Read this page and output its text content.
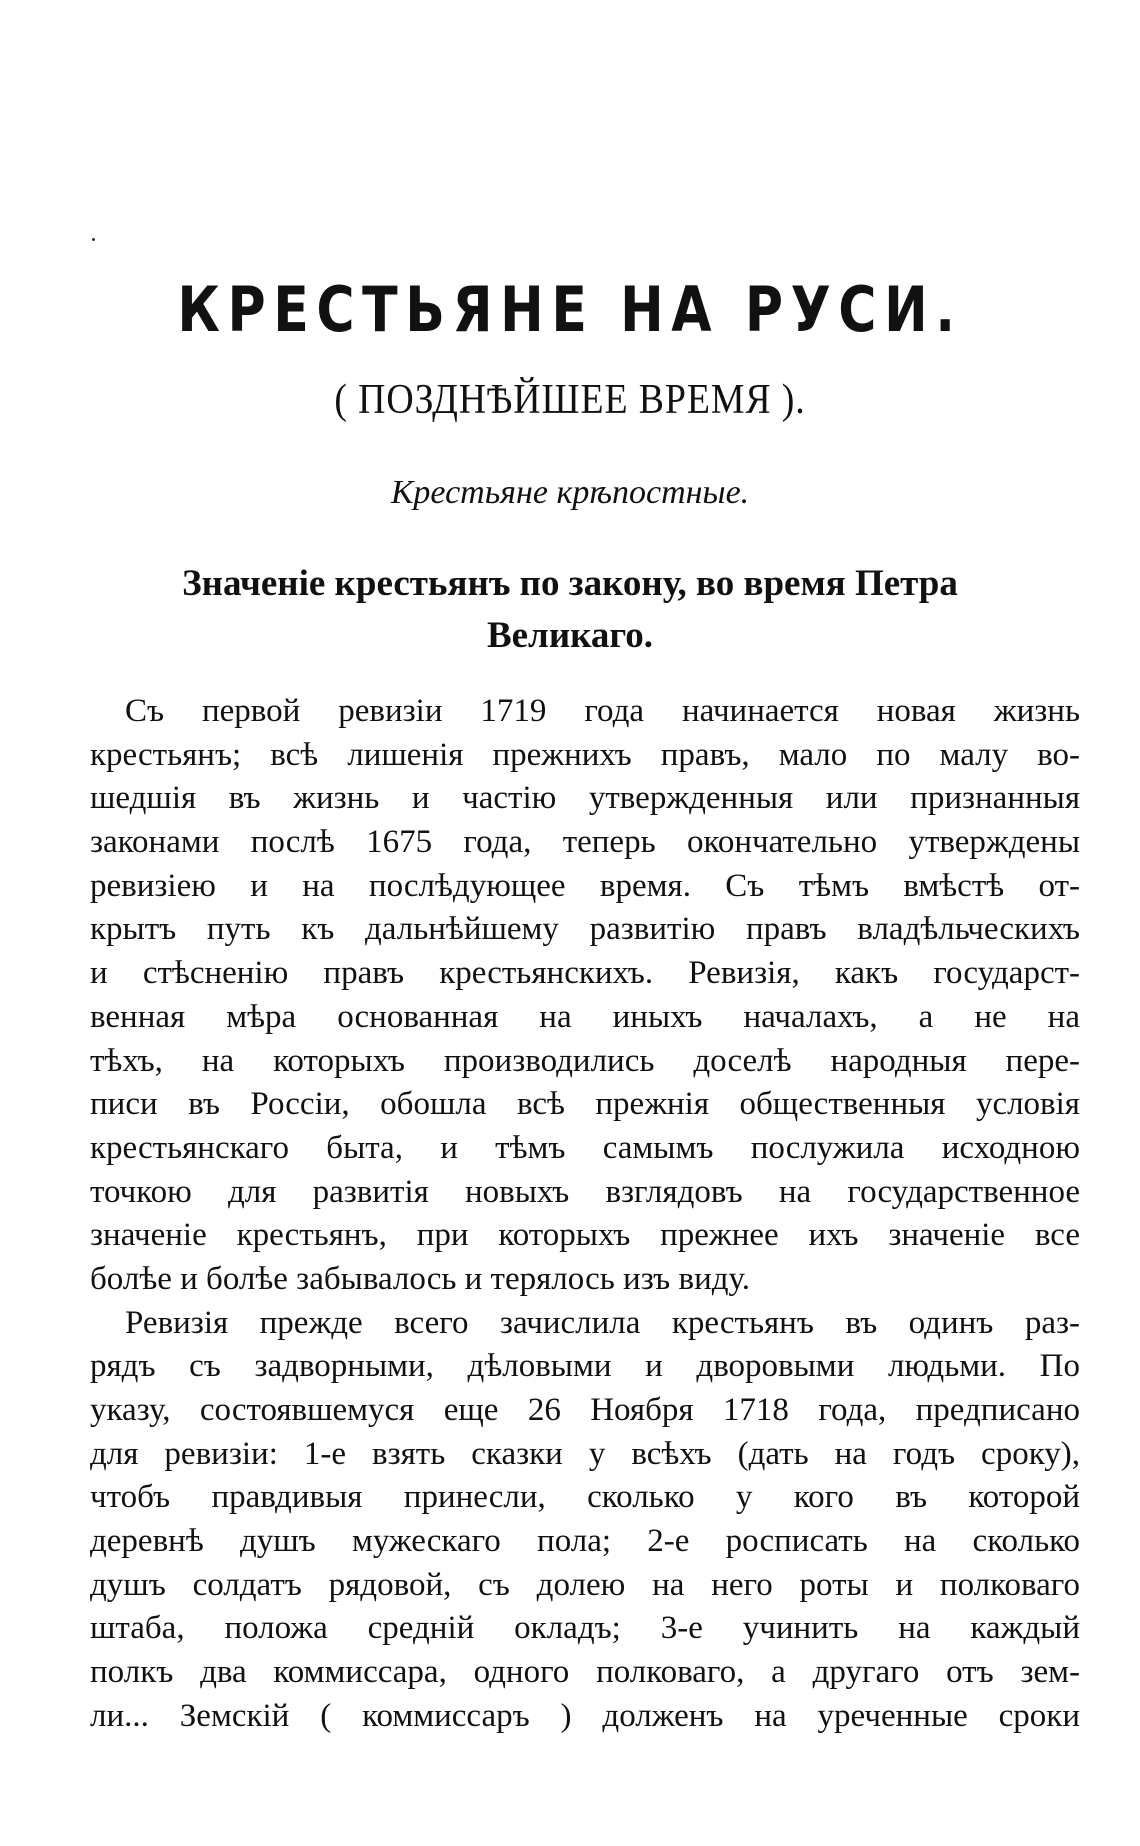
КРЕСТЬЯНЕ НА РУСИ.
( ПОЗДНѢЙШЕЕ ВРЕМЯ ).
Крестьяне крѣпостные.
Значеніе крестьянъ по закону, во время Петра
Великаго.
Съ первой ревизіи 1719 года начинается новая жизнь
крестьянъ; всѣ лишенія прежнихъ правъ, мало по малу во-
шедшія въ жизнь и частію утвержденныя или признанныя
законами послѣ 1675 года, теперь окончательно утверждены
ревизіею и на послѣдующее время. Съ тѣмъ вмѣстѣ от-
крытъ путь къ дальнѣйшему развитію правъ владѣльческихъ
и стѣсненію правъ крестьянскихъ. Ревизія, какъ государст-
венная мѣра основанная на иныхъ началахъ, а не на
тѣхъ, на которыхъ производились доселѣ народныя пере-
писи въ Россіи, обошла всѣ прежнія общественныя условія
крестьянскаго быта, и тѣмъ самымъ послужила исходною
точкою для развитія новыхъ взглядовъ на государственное
значеніе крестьянъ, при которыхъ прежнее ихъ значеніе все
болѣе и болѣе забывалось и терялось изъ виду.
Ревизія прежде всего зачислила крестьянъ въ одинъ раз-
рядъ съ задворными, дѣловыми и дворовыми людьми. По
указу, состоявшемуся еще 26 Ноября 1718 года, предписано
для ревизіи: 1-е взять сказки у всѣхъ (дать на годъ сроку),
чтобъ правдивыя принесли, сколько у кого въ которой
деревнѣ душъ мужескаго пола; 2-е росписать на сколько
душъ солдатъ рядовой, съ долею на него роты и полковаго
штаба, положа средній окладъ; 3-е учинить на каждый
полкъ два коммиссара, одного полковаго, а другаго отъ зем-
ли... Земскій ( коммиссаръ ) долженъ на уреченные сроки
